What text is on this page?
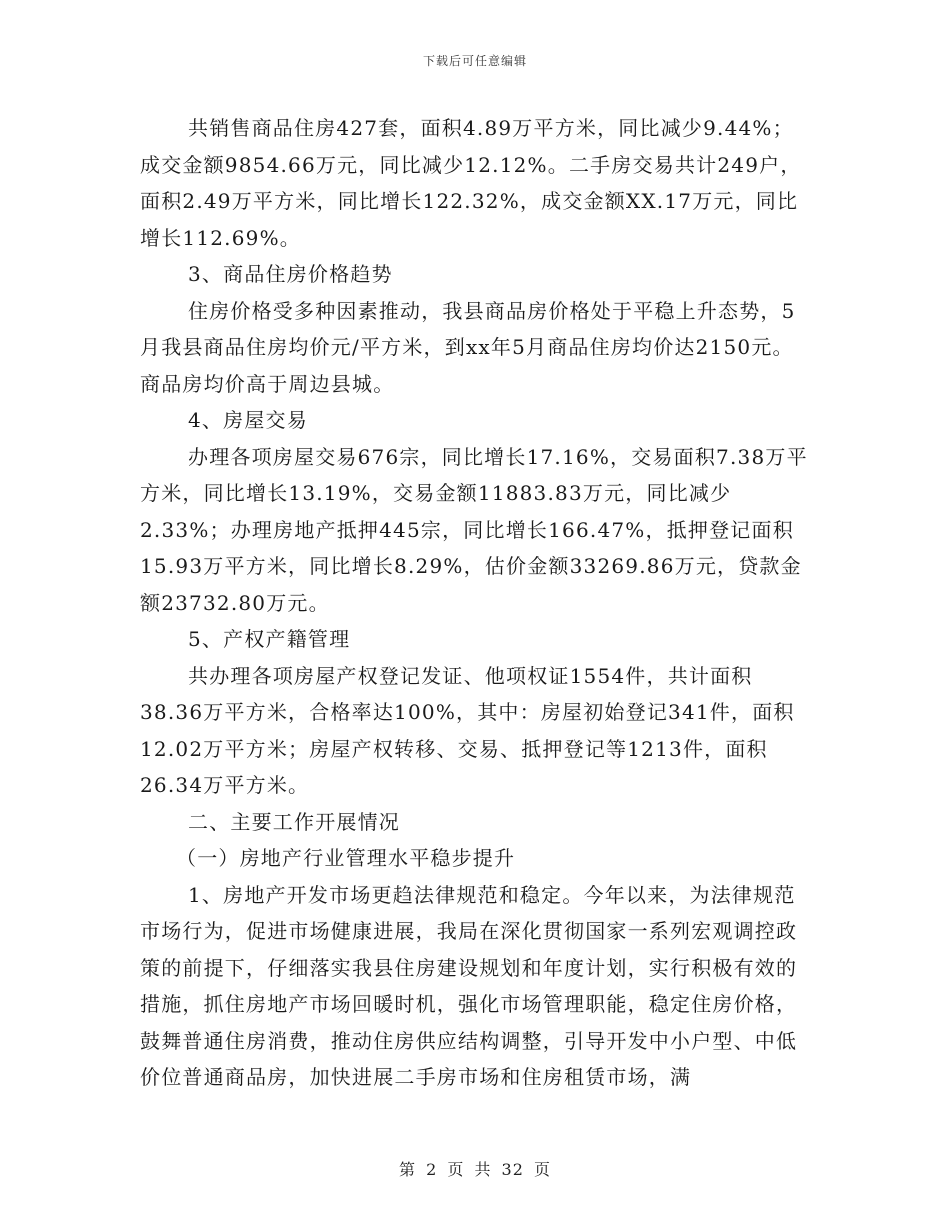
下载后可任意编辑

共销售商品住房427套，面积4.89万平方米，同比减少9.44%；成交金额9854.66万元，同比减少12.12%。二手房交易共计249户，面积2.49万平方米，同比增长122.32%，成交金额XX.17万元，同比增长112.69%。

3、商品住房价格趋势

住房价格受多种因素推动，我县商品房价格处于平稳上升态势，5月我县商品住房均价元/平方米，到xx年5月商品住房均价达2150元。商品房均价高于周边县城。

4、房屋交易

办理各项房屋交易676宗，同比增长17.16%，交易面积7.38万平方米，同比增长13.19%，交易金额11883.83万元，同比减少2.33%；办理房地产抵押445宗，同比增长166.47%，抵押登记面积15.93万平方米，同比增长8.29%，估价金额33269.86万元，贷款金额23732.80万元。

5、产权产籍管理

共办理各项房屋产权登记发证、他项权证1554件，共计面积38.36万平方米，合格率达100%，其中：房屋初始登记341件，面积12.02万平方米；房屋产权转移、交易、抵押登记等1213件，面积26.34万平方米。

二、主要工作开展情况

（一）房地产行业管理水平稳步提升

1、房地产开发市场更趋法律规范和稳定。今年以来，为法律规范市场行为，促进市场健康进展，我局在深化贯彻国家一系列宏观调控政策的前提下，仔细落实我县住房建设规划和年度计划，实行积极有效的措施，抓住房地产市场回暖时机，强化市场管理职能，稳定住房价格，鼓舞普通住房消费，推动住房供应结构调整，引导开发中小户型、中低价位普通商品房，加快进展二手房市场和住房租赁市场，满

第 2 页 共 32 页
